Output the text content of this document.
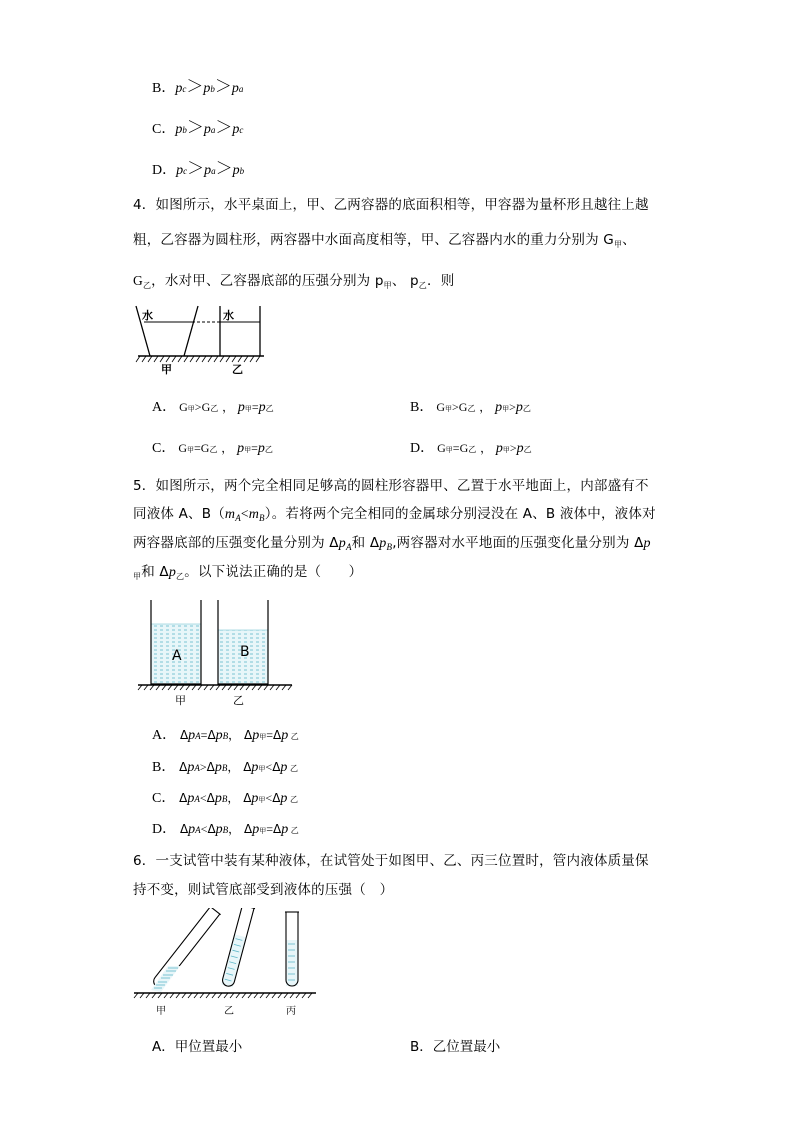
B． p c ＞ p b ＞ p a
C． p b ＞ p a ＞ p c
D． p c ＞ p a ＞ p b
4．如图所示，水平桌面上，甲、乙两容器的底面积相等，甲容器为量杯形且越往上越
粗，乙容器为圆柱形，两容器中水面高度相等，甲、乙容器内水的重力分别为 $G_甲$、
$G_乙$，水对甲、乙容器底部的压强分别为 $p_甲$、 $p_乙$．则
水	水
甲	乙
A． G 甲 > G 乙 ， p 甲 = p 乙	B． G 甲 > G 乙 ， p 甲 > p 乙
C． G 甲 = G 乙 ， p 甲 = p 乙	D． G 甲 = G 乙 ， p 甲 > p 乙
5．如图所示，两个完全相同足够高的圆柱形容器甲、乙置于水平地面上，内部盛有不
同液体 A、$B(m_A<m_B)$。若将两个完全相同的金属球分别浸没在 A、B 液体中，液体对
两容器底部的压强变化量分别为 $\Delta p_A$和 $\Delta p_B$,两容器对水平地面的压强变化量分别为 Δp
$_甲$和 $\Delta p_乙$。以下说法正确的是（　　）
A	B
甲	乙
A． Δ p A = Δ p B ， Δ p 甲 = Δ p 乙
B． Δ p A > Δ p B ， Δ p 甲 < Δ p 乙
C． Δ p A < Δ p B ， Δ p 甲 < Δ p 乙
D． Δ p A < Δ p B ， Δ p 甲 = Δ p 乙
6．一支试管中装有某种液体，在试管处于如图甲、乙、丙三位置时，管内液体质量保
持不变，则试管底部受到液体的压强（　）
甲	乙	丙
A．甲位置最小	B．乙位置最小
